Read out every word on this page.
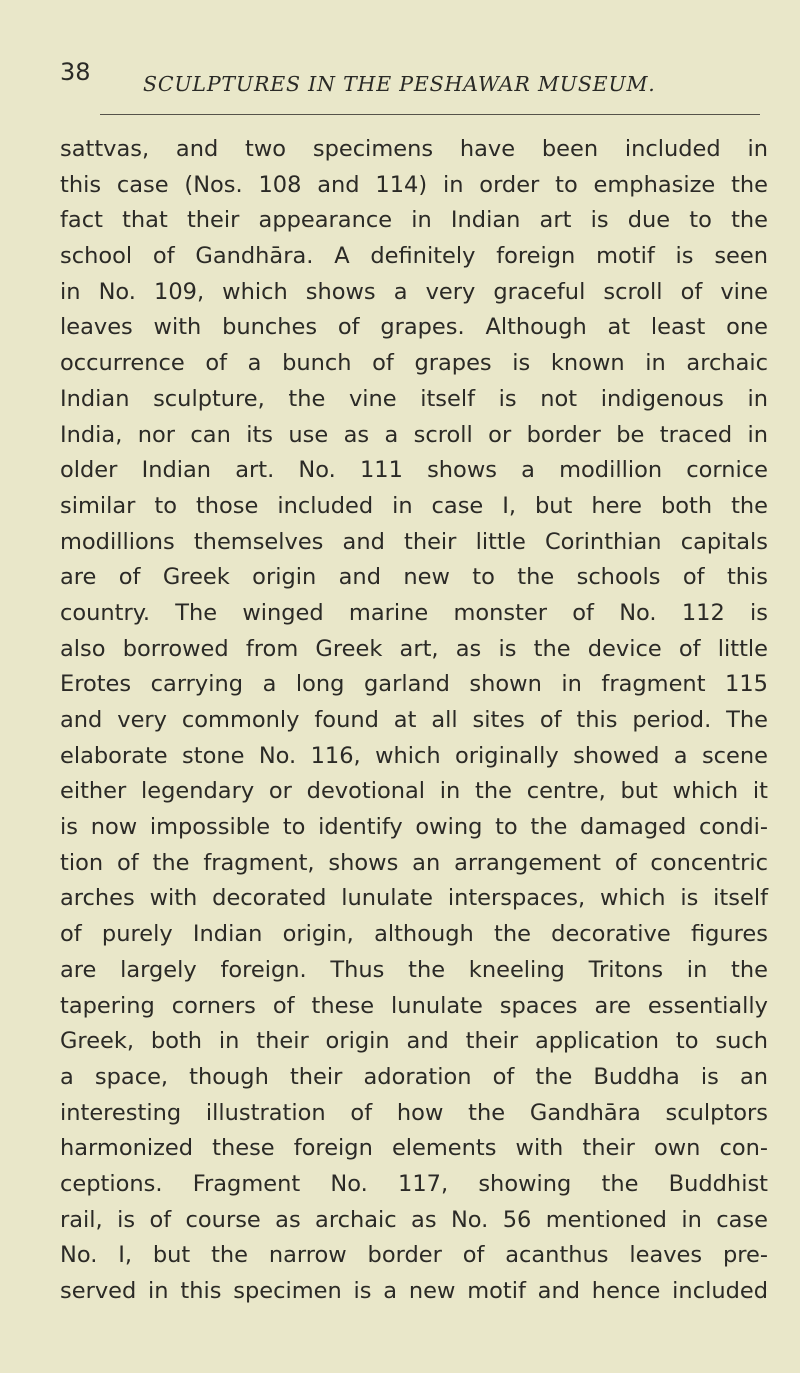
38	SCULPTURES IN THE PESHAWAR MUSEUM.
sattvas, and two specimens have been included in
this case (Nos. 108 and 114) in order to emphasize the
fact that their appearance in Indian art is due to the
school of Gandhāra. A definitely foreign motif is seen
in No. 109, which shows a very graceful scroll of vine
leaves with bunches of grapes. Although at least one
occurrence of a bunch of grapes is known in archaic
Indian sculpture, the vine itself is not indigenous in
India, nor can its use as a scroll or border be traced in
older Indian art. No. 111 shows a modillion cornice
similar to those included in case I, but here both the
modillions themselves and their little Corinthian capitals
are of Greek origin and new to the schools of this
country. The winged marine monster of No. 112 is
also borrowed from Greek art, as is the device of little
Erotes carrying a long garland shown in fragment 115
and very commonly found at all sites of this period. The
elaborate stone No. 116, which originally showed a scene
either legendary or devotional in the centre, but which it
is now impossible to identify owing to the damaged condi-
tion of the fragment, shows an arrangement of concentric
arches with decorated lunulate interspaces, which is itself
of purely Indian origin, although the decorative figures
are largely foreign. Thus the kneeling Tritons in the
tapering corners of these lunulate spaces are essentially
Greek, both in their origin and their application to such
a space, though their adoration of the Buddha is an
interesting illustration of how the Gandhāra sculptors
harmonized these foreign elements with their own con-
ceptions. Fragment No. 117, showing the Buddhist
rail, is of course as archaic as No. 56 mentioned in case
No. I, but the narrow border of acanthus leaves pre-
served in this specimen is a new motif and hence included
